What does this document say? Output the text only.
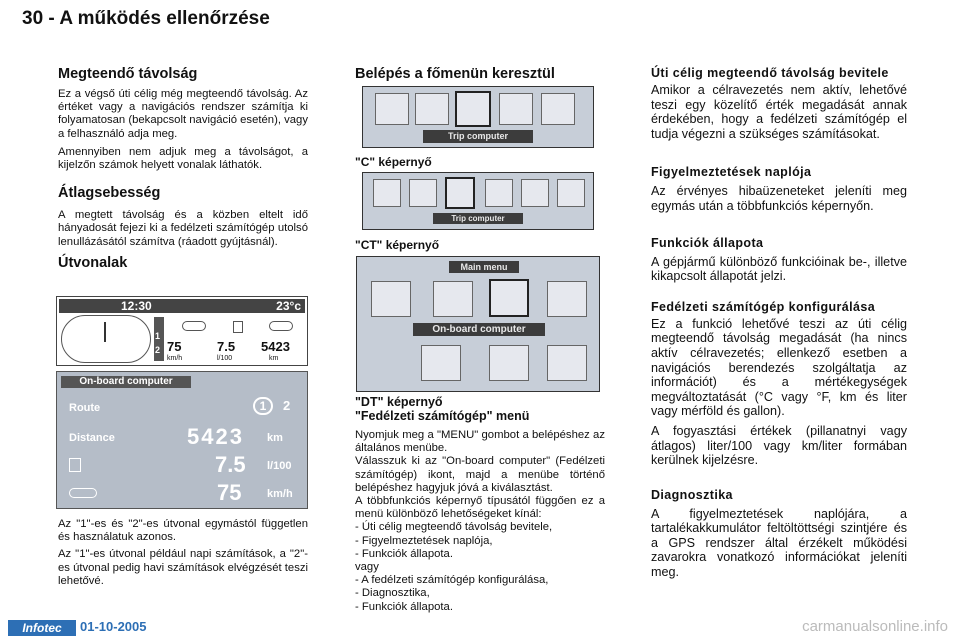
30 - A működés ellenőrzése
Megteendő távolság

Ez a végső úti célig még megteendő távolság. Az értéket vagy a navigációs rendszer számítja ki folyamatosan (bekapcsolt navigáció esetén), vagy a felhasználó adja meg.

Amennyiben nem adjuk meg a távolságot, a kijelzőn számok helyett vonalak láthatók.

Átlagsebesség

A megtett távolság és a közben eltelt idő hányadosát fejezi ki a fedélzeti számítógép utolsó lenullázásától számítva (ráadott gyújtásnál).

Útvonalak
12:30	23°c
1
2 75	7.5 5423
km/h	l/100	km
On-board computer
Route	1	2
Distance	5423 km
7.5 l/100
75 km/h

Az "1"-es és "2"-es útvonal egymástól független és használatuk azonos.

Az "1"-es útvonal például napi számítások, a "2"-es útvonal pedig havi számítások elvégzését teszi lehetővé.

Belépés a főmenün keresztül
Trip computer
"C" képernyő
Trip computer
"CT" képernyő
Main menu
On-board computer
"DT" képernyő
"Fedélzeti számítógép" menü

Nyomjuk meg a "MENU" gombot a belépéshez az általános menübe.

Válasszuk ki az "On-board computer" (Fedélzeti számítógép) ikont, majd a menübe történő belépéshez hagyjuk jóvá a kiválasztást.

A többfunkciós képernyő típusától függően ez a menü különböző lehetőségeket kínál:

- Úti célig megteendő távolság bevitele,
- Figyelmeztetések naplója,
- Funkciók állapota.
vagy
- A fedélzeti számítógép konfigurálása,
- Diagnosztika,
- Funkciók állapota.
Úti célig megteendő távolság bevitele

Amikor a célravezetés nem aktív, lehetővé teszi egy közelítő érték megadását annak érdekében, hogy a fedélzeti számítógép el tudja végezni a szükséges számításokat.

Figyelmeztetések naplója

Az érvényes hibaüzeneteket jeleníti meg egymás után a többfunkciós képernyőn.

Funkciók állapota

A gépjármű különböző funkcióinak be-, illetve kikapcsolt állapotát jelzi.

Fedélzeti számítógép konfigurálása

Ez a funkció lehetővé teszi az úti célig megteendő távolság megadását (ha nincs aktív célravezetés; ellenkező esetben a navigációs berendezés szolgáltatja az információt) és a mértékegységek megváltoztatását (°C vagy °F, km és liter vagy mérföld és gallon).

A fogyasztási értékek (pillanatnyi vagy átlagos) liter/100 vagy km/liter formában kerülnek kijelzésre.

Diagnosztika

A figyelmeztetések naplójára, a tartalékakkumulátor feltöltöttségi szintjére és a GPS rendszer által érzékelt működési zavarokra vonatkozó információkat jeleníti meg.

Infotec	01-10-2005	carmanualsonline.info
